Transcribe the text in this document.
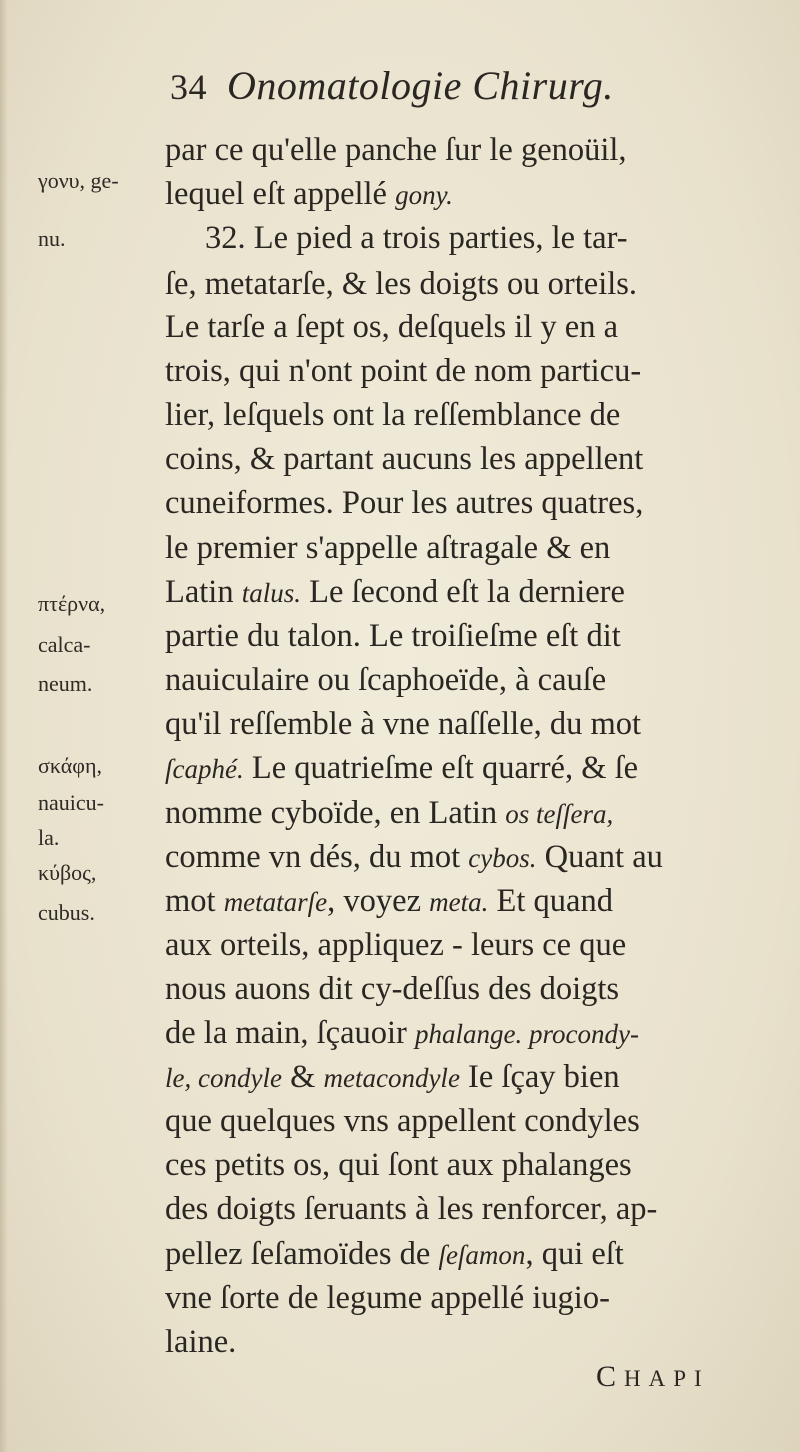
34 Onomatologie Chirurg.
γονυ, ge-
nu.
πτέρνα,
calca-
neum.
σκάφη,
nauicu-
la.
κύβος,
cubus.
par ce qu'elle panche ſur le genoüil,
lequel eſt appellé gony.
32. Le pied a trois parties, le tar-
ſe, metatarſe, & les doigts ou orteils.
Le tarſe a ſept os, deſquels il y en a
trois, qui n'ont point de nom particu-
lier, leſquels ont la reſſemblance de
coins, & partant aucuns les appellent
cuneiformes. Pour les autres quatres,
le premier s'appelle aſtragale & en
Latin talus. Le ſecond eſt la derniere
partie du talon. Le troiſieſme eſt dit
nauiculaire ou ſcaphoeïde, à cauſe
qu'il reſſemble à vne naſſelle, du mot
ſcaphé. Le quatrieſme eſt quarré, & ſe
nomme cyboïde, en Latin os teſſera,
comme vn dés, du mot cybos. Quant au
mot metatarſe, voyez meta. Et quand
aux orteils, appliquez - leurs ce que
nous auons dit cy-deſſus des doigts
de la main, ſçauoir phalange. procondy-
le, condyle & metacondyle Ie ſçay bien
que quelques vns appellent condyles
ces petits os, qui ſont aux phalanges
des doigts ſeruants à les renforcer, ap-
pellez ſeſamoïdes de ſeſamon, qui eſt
vne ſorte de legume appellé iugio-
laine.
CHAPI
